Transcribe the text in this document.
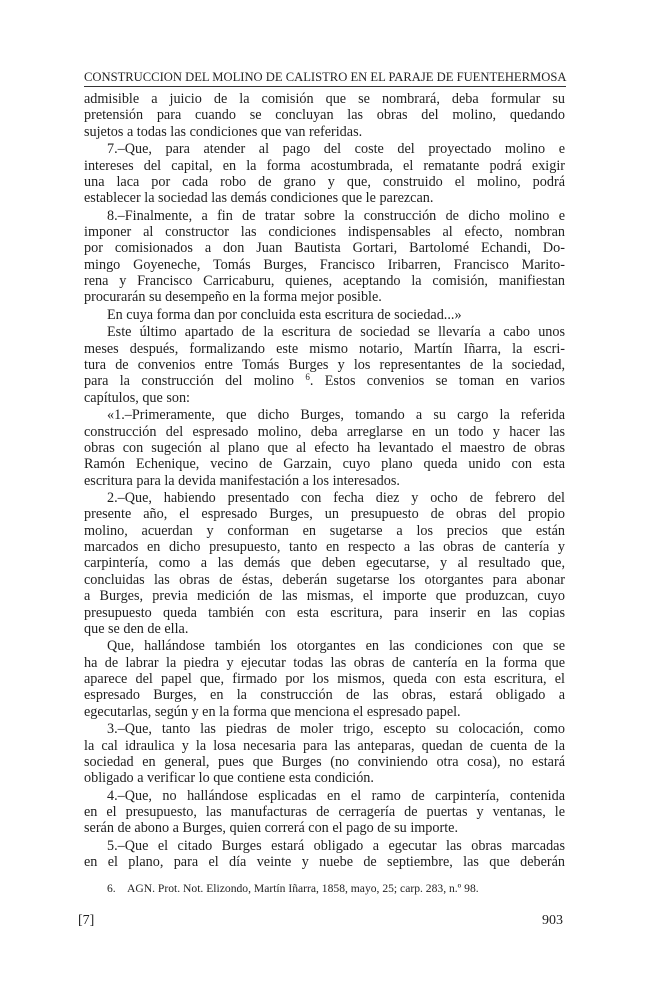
CONSTRUCCION DEL MOLINO DE CALISTRO EN EL PARAJE DE FUENTEHERMOSA

admisible a juicio de la comisión que se nombrará, deba formular su
pretensión para cuando se concluyan las obras del molino, quedando
sujetos a todas las condiciones que van referidas.

7.–Que, para atender al pago del coste del proyectado molino e
intereses del capital, en la forma acostumbrada, el rematante podrá exigir
una laca por cada robo de grano y que, construido el molino, podrá
establecer la sociedad las demás condiciones que le parezcan.

8.–Finalmente, a fin de tratar sobre la construcción de dicho molino e
imponer al constructor las condiciones indispensables al efecto, nombran
por comisionados a don Juan Bautista Gortari, Bartolomé Echandi, Do-
mingo Goyeneche, Tomás Burges, Francisco Iribarren, Francisco Marito-
rena y Francisco Carricaburu, quienes, aceptando la comisión, manifiestan
procurarán su desempeño en la forma mejor posible.

En cuya forma dan por concluida esta escritura de sociedad...»

Este último apartado de la escritura de sociedad se llevaría a cabo unos
meses después, formalizando este mismo notario, Martín Iñarra, la escri-
tura de convenios entre Tomás Burges y los representantes de la sociedad,
para la construcción del molino $^6$. Estos convenios se toman en varios
capítulos, que son:

«1.–Primeramente, que dicho Burges, tomando a su cargo la referida
construcción del espresado molino, deba arreglarse en un todo y hacer las
obras con sugeción al plano que al efecto ha levantado el maestro de obras
Ramón Echenique, vecino de Garzain, cuyo plano queda unido con esta
escritura para la devida manifestación a los interesados.

2.–Que, habiendo presentado con fecha diez y ocho de febrero del
presente año, el espresado Burges, un presupuesto de obras del propio
molino, acuerdan y conforman en sugetarse a los precios que están
marcados en dicho presupuesto, tanto en respecto a las obras de cantería y
carpintería, como a las demás que deben egecutarse, y al resultado que,
concluidas las obras de éstas, deberán sugetarse los otorgantes para abonar
a Burges, previa medición de las mismas, el importe que produzcan, cuyo
presupuesto queda también con esta escritura, para inserir en las copias
que se den de ella.

Que, hallándose también los otorgantes en las condiciones con que se
ha de labrar la piedra y ejecutar todas las obras de cantería en la forma que
aparece del papel que, firmado por los mismos, queda con esta escritura, el
espresado Burges, en la construcción de las obras, estará obligado a
egecutarlas, según y en la forma que menciona el espresado papel.

3.–Que, tanto las piedras de moler trigo, escepto su colocación, como
la cal idraulica y la losa necesaria para las anteparas, quedan de cuenta de la
sociedad en general, pues que Burges (no conviniendo otra cosa), no estará
obligado a verificar lo que contiene esta condición.

4.–Que, no hallándose esplicadas en el ramo de carpintería, contenida
en el presupuesto, las manufacturas de cerragería de puertas y ventanas, le
serán de abono a Burges, quien correrá con el pago de su importe.

5.–Que el citado Burges estará obligado a egecutar las obras marcadas
en el plano, para el día veinte y nuebe de septiembre, las que deberán

6. AGN. Prot. Not. Elizondo, Martín Iñarra, 1858, mayo, 25; carp. 283, n.º 98.
[7]	903
